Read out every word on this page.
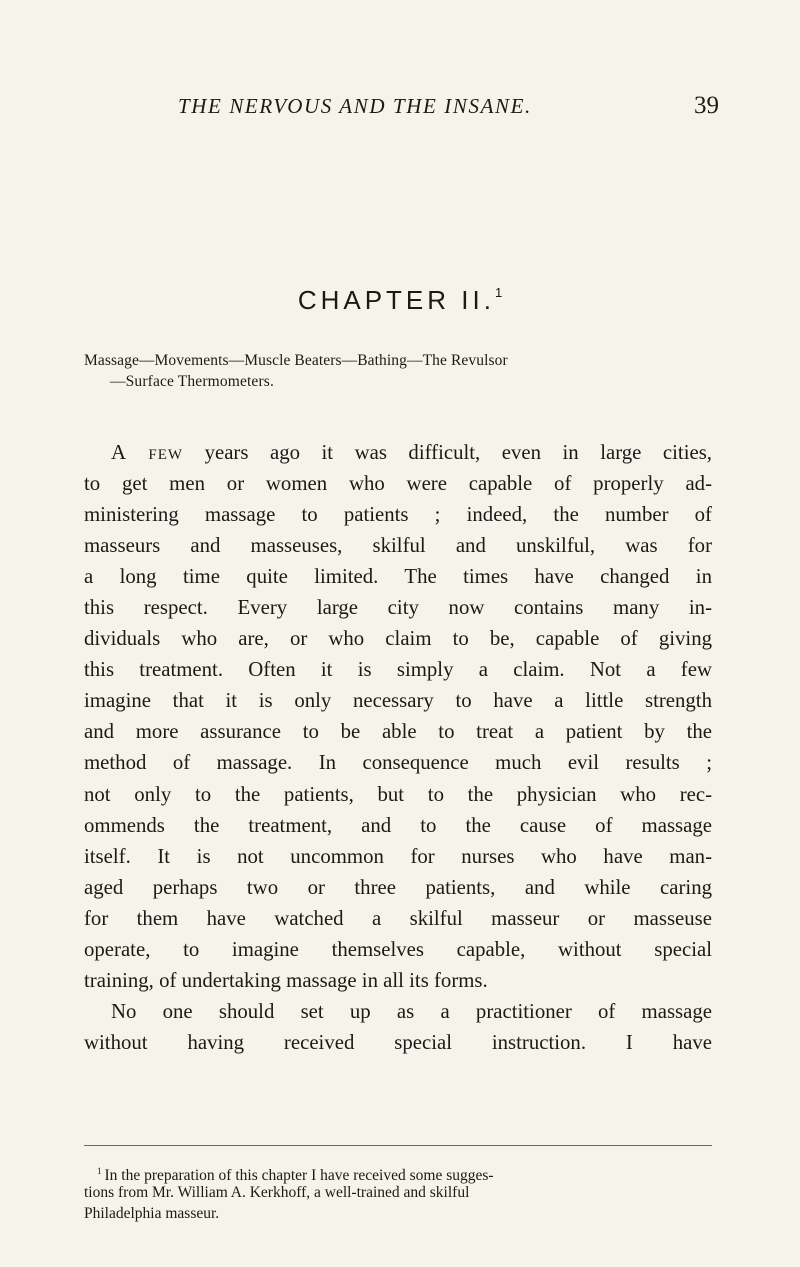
THE NERVOUS AND THE INSANE.	39
CHAPTER II.$^1$
Massage—Movements—Muscle Beaters—Bathing—The Revulsor
—Surface Thermometers.
A few years ago it was difficult, even in large cities,
to get men or women who were capable of properly ad-
ministering massage to patients ; indeed, the number of
masseurs and masseuses, skilful and unskilful, was for
a long time quite limited. The times have changed in
this respect. Every large city now contains many in-
dividuals who are, or who claim to be, capable of giving
this treatment. Often it is simply a claim. Not a few
imagine that it is only necessary to have a little strength
and more assurance to be able to treat a patient by the
method of massage. In consequence much evil results ;
not only to the patients, but to the physician who rec-
ommends the treatment, and to the cause of massage
itself. It is not uncommon for nurses who have man-
aged perhaps two or three patients, and while caring
for them have watched a skilful masseur or masseuse
operate, to imagine themselves capable, without special
training, of undertaking massage in all its forms.
No one should set up as a practitioner of massage
without having received special instruction. I have
$^1$ In the preparation of this chapter I have received some sugges-
tions from Mr. William A. Kerkhoff, a well-trained and skilful
Philadelphia masseur.
